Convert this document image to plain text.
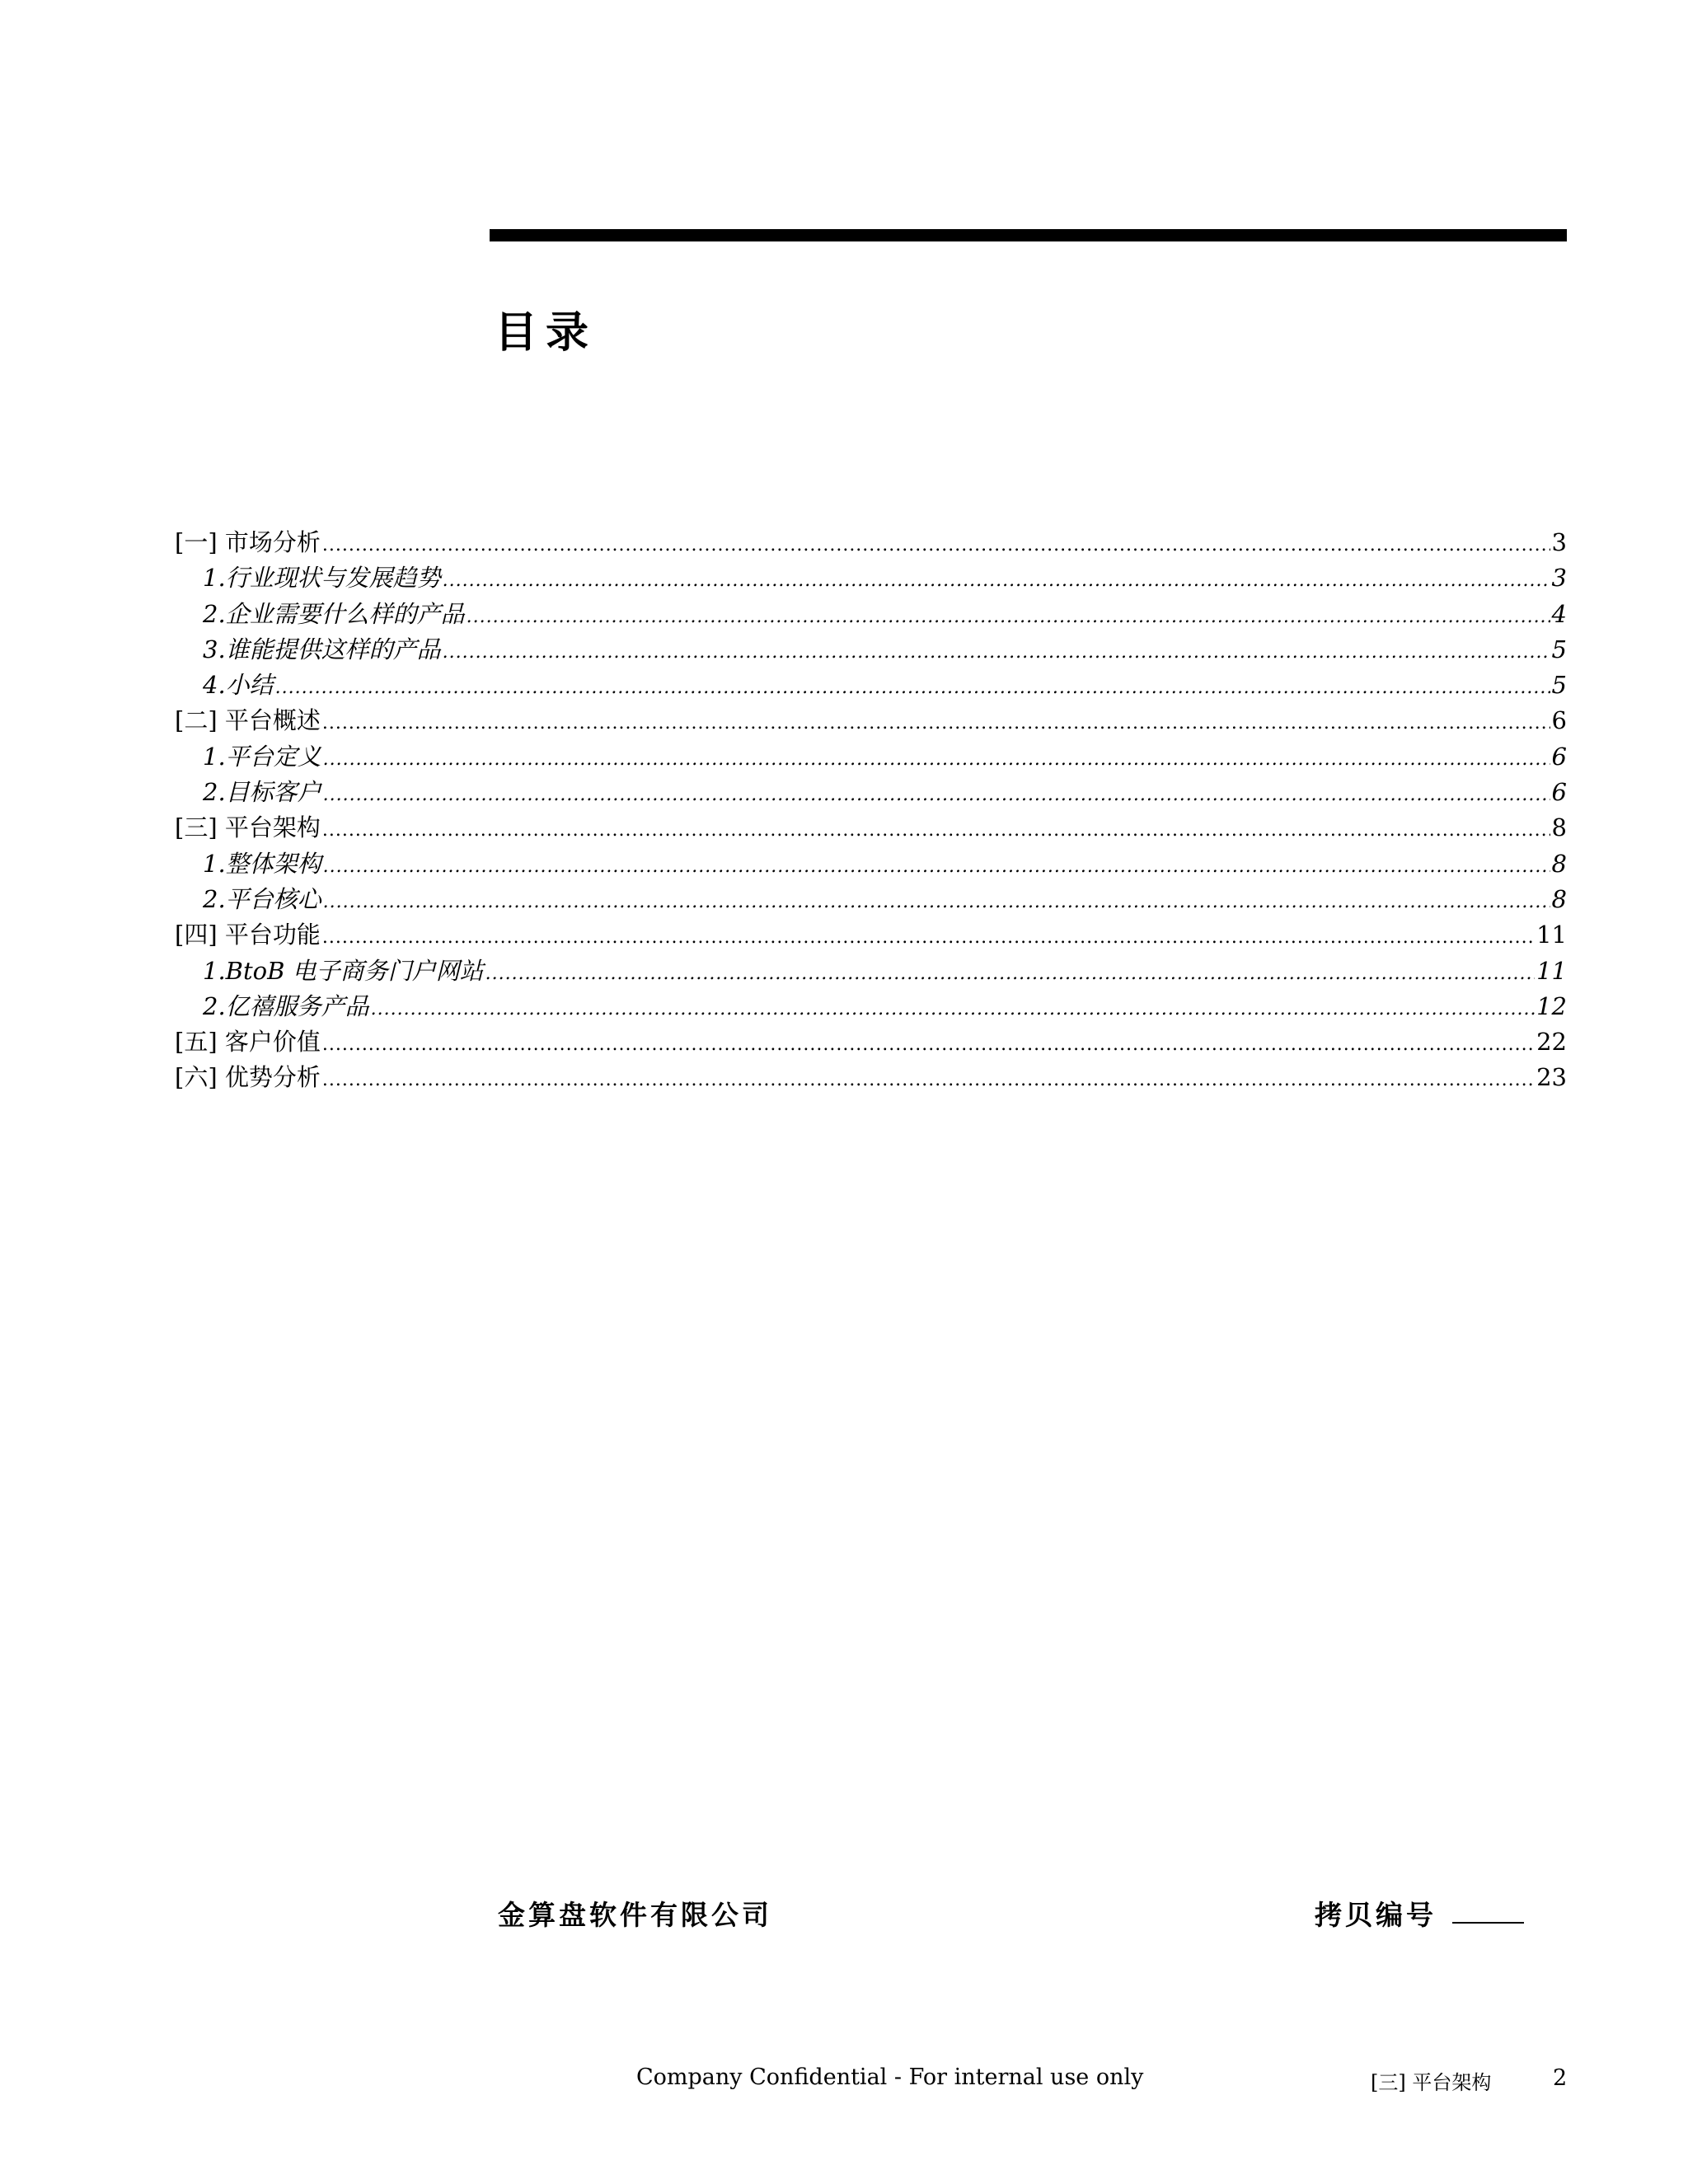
目录
[一] 市场分析 .....	3
1.行业现状与发展趋势 .....	3
2.企业需要什么样的产品 .....	4
3.谁能提供这样的产品 .....	5
4.小结 .....	5
[二] 平台概述 .....	6
1.平台定义 .....	6
2.目标客户 .....	6
[三] 平台架构 .....	8
1.整体架构 .....	8
2.平台核心 .....	8
[四] 平台功能 .....	11
1.BtoB 电子商务门户网站 .....	11
2.亿禧服务产品 .....	12
[五] 客户价值 .....	22
[六] 优势分析 .....	23
金算盘软件有限公司	拷贝编号
Company Confidential - For internal use only	[三] 平台架构	2
